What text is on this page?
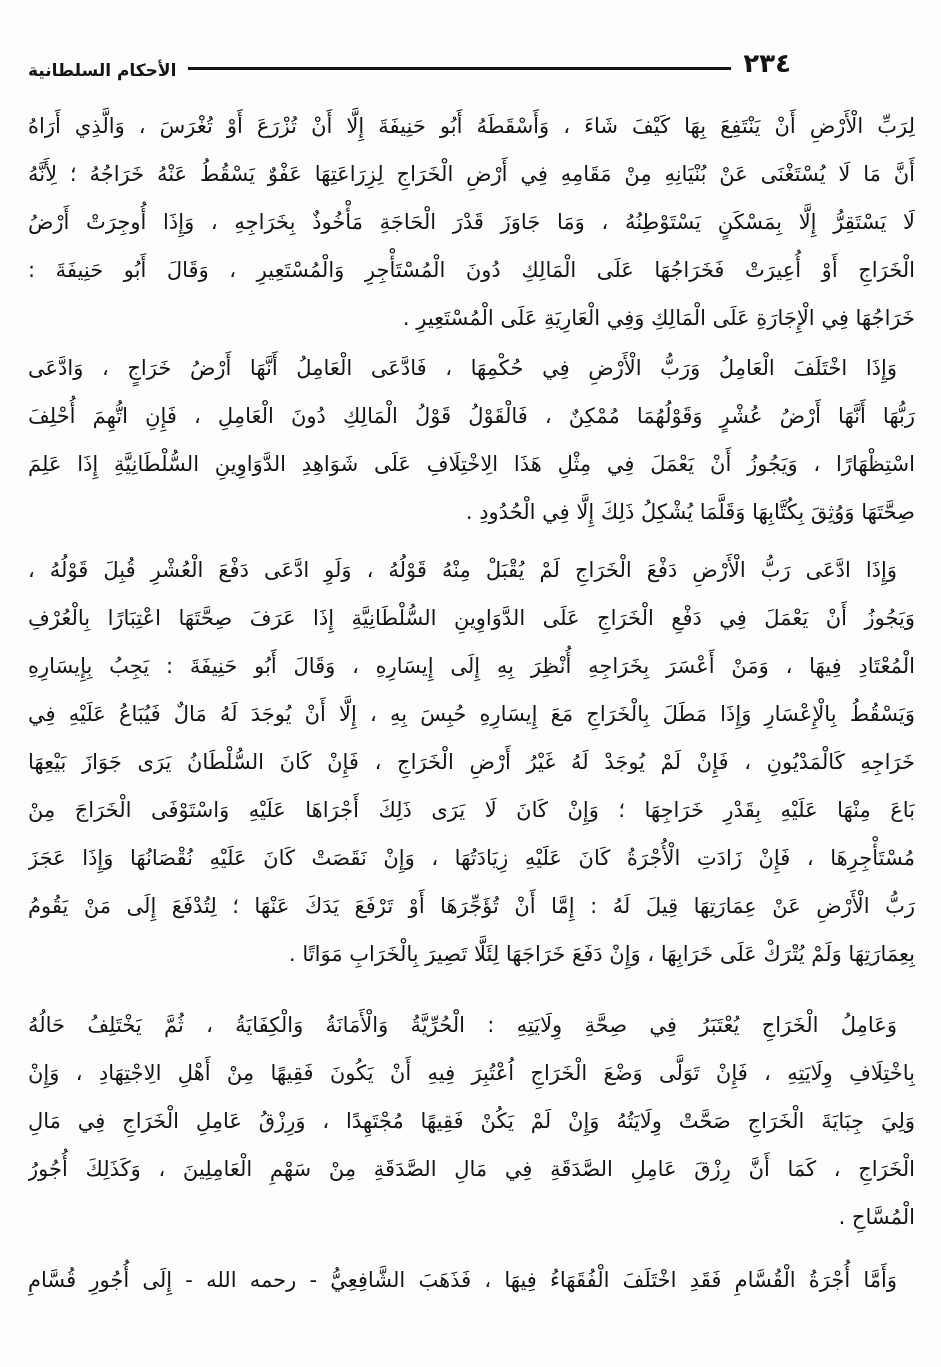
٢٣٤
الأحكام السلطانية
لِرَبِّ الْأَرْضِ أَنْ يَنْتَفِعَ بِهَا كَيْفَ شَاءَ ، وَأَسْقَطَهُ أَبُو حَنِيفَةَ إِلَّا أَنْ تُزْرَعَ أَوْ تُغْرَسَ ، وَالَّذِي أَرَاهُ
أَنَّ مَا لَا يُسْتَغْنَى عَنْ بُنْيَانِهِ مِنْ مَقَامِهِ فِي أَرْضِ الْخَرَاجِ لِزِرَاعَتِهَا عَفْوٌ يَسْقُطُ عَنْهُ خَرَاجُهُ ؛ لِأَنَّهُ
لَا يَسْتَقِرُّ إِلَّا بِمَسْكَنٍ يَسْتَوْطِنُهُ ، وَمَا جَاوَزَ قَدْرَ الْحَاجَةِ مَأْخُوذٌ بِخَرَاجِهِ ، وَإِذَا أُوجِرَتْ أَرْضُ
الْخَرَاجِ أَوْ أُعِيرَتْ فَخَرَاجُهَا عَلَى الْمَالِكِ دُونَ الْمُسْتَأْجِرِ وَالْمُسْتَعِيرِ ، وَقَالَ أَبُو حَنِيفَةَ :
خَرَاجُهَا فِي الْإِجَارَةِ عَلَى الْمَالِكِ وَفِي الْعَارِيَةِ عَلَى الْمُسْتَعِيرِ .
وَإِذَا اخْتَلَفَ الْعَامِلُ وَرَبُّ الْأَرْضِ فِي حُكْمِهَا ، فَادَّعَى الْعَامِلُ أَنَّهَا أَرْضُ خَرَاجٍ ، وَادَّعَى
رَبُّهَا أَنَّهَا أَرْضُ عُشْرٍ وَقَوْلُهُمَا مُمْكِنٌ ، فَالْقَوْلُ قَوْلُ الْمَالِكِ دُونَ الْعَامِلِ ، فَإِنِ اتُّهِمَ أُحْلِفَ
اسْتِظْهَارًا ، وَيَجُوزُ أَنْ يَعْمَلَ فِي مِثْلِ هَذَا الِاخْتِلَافِ عَلَى شَوَاهِدِ الدَّوَاوِينِ السُّلْطَانِيَّةِ إِذَا عَلِمَ
صِحَّتَهَا وَوُثِقَ بِكُتَّابِهَا وَقَلَّمَا يُشْكِلُ ذَلِكَ إِلَّا فِي الْحُدُودِ .
وَإِذَا ادَّعَى رَبُّ الْأَرْضِ دَفْعَ الْخَرَاجِ لَمْ يُقْبَلْ مِنْهُ قَوْلُهُ ، وَلَوِ ادَّعَى دَفْعَ الْعُشْرِ قُبِلَ قَوْلُهُ ،
وَيَجُوزُ أَنْ يَعْمَلَ فِي دَفْعِ الْخَرَاجِ عَلَى الدَّوَاوِينِ السُّلْطَانِيَّةِ إِذَا عَرَفَ صِحَّتَهَا اعْتِبَارًا بِالْعُرْفِ
الْمُعْتَادِ فِيهَا ، وَمَنْ أَعْسَرَ بِخَرَاجِهِ أُنْظِرَ بِهِ إِلَى إِيسَارِهِ ، وَقَالَ أَبُو حَنِيفَةَ : يَجِبُ بِإِيسَارِهِ
وَيَسْقُطُ بِالْإِعْسَارِ وَإِذَا مَطَلَ بِالْخَرَاجِ مَعَ إِيسَارِهِ حُبِسَ بِهِ ، إِلَّا أَنْ يُوجَدَ لَهُ مَالٌ فَيُبَاعُ عَلَيْهِ فِي
خَرَاجِهِ كَالْمَدْيُونِ ، فَإِنْ لَمْ يُوجَدْ لَهُ غَيْرُ أَرْضِ الْخَرَاجِ ، فَإِنْ كَانَ السُّلْطَانُ يَرَى جَوَازَ بَيْعِهَا
بَاعَ مِنْهَا عَلَيْهِ بِقَدْرِ خَرَاجِهَا ؛ وَإِنْ كَانَ لَا يَرَى ذَلِكَ أَجْرَاهَا عَلَيْهِ وَاسْتَوْفَى الْخَرَاجَ مِنْ
مُسْتَأْجِرِهَا ، فَإِنْ زَادَتِ الْأُجْرَةُ كَانَ عَلَيْهِ زِيَادَتُهَا ، وَإِنْ نَقَصَتْ كَانَ عَلَيْهِ نُقْصَانُهَا وَإِذَا عَجَزَ
رَبُّ الْأَرْضِ عَنْ عِمَارَتِهَا قِيلَ لَهُ : إِمَّا أَنْ تُؤَجِّرَهَا أَوْ تَرْفَعَ يَدَكَ عَنْهَا ؛ لِتُدْفَعَ إِلَى مَنْ يَقُومُ
بِعِمَارَتِهَا وَلَمْ يُتْرَكْ عَلَى خَرَابِهَا ، وَإِنْ دَفَعَ خَرَاجَهَا لِئَلَّا تَصِيرَ بِالْخَرَابِ مَوَاتًا .
وَعَامِلُ الْخَرَاجِ يُعْتَبَرُ فِي صِحَّةِ وِلَايَتِهِ : الْحُرِّيَّةُ وَالْأَمَانَةُ وَالْكِفَايَةُ ، ثُمَّ يَخْتَلِفُ حَالُهُ
بِاخْتِلَافِ وِلَايَتِهِ ، فَإِنْ تَوَلَّى وَضْعَ الْخَرَاجِ اُعْتُبِرَ فِيهِ أَنْ يَكُونَ فَقِيهًا مِنْ أَهْلِ الِاجْتِهَادِ ، وَإِنْ
وَلِيَ جِبَايَةَ الْخَرَاجِ صَحَّتْ وِلَايَتُهُ وَإِنْ لَمْ يَكُنْ فَقِيهًا مُجْتَهِدًا ، وَرِزْقُ عَامِلِ الْخَرَاجِ فِي مَالِ
الْخَرَاجِ ، كَمَا أَنَّ رِزْقَ عَامِلِ الصَّدَقَةِ فِي مَالِ الصَّدَقَةِ مِنْ سَهْمِ الْعَامِلِينَ ، وَكَذَلِكَ أُجُورُ
الْمُسَّاحِ .
وَأَمَّا أُجْرَةُ الْقُسَّامِ فَقَدِ اخْتَلَفَ الْفُقَهَاءُ فِيهَا ، فَذَهَبَ الشَّافِعِيُّ - رحمه الله - إِلَى أُجُورِ قُسَّامِ
